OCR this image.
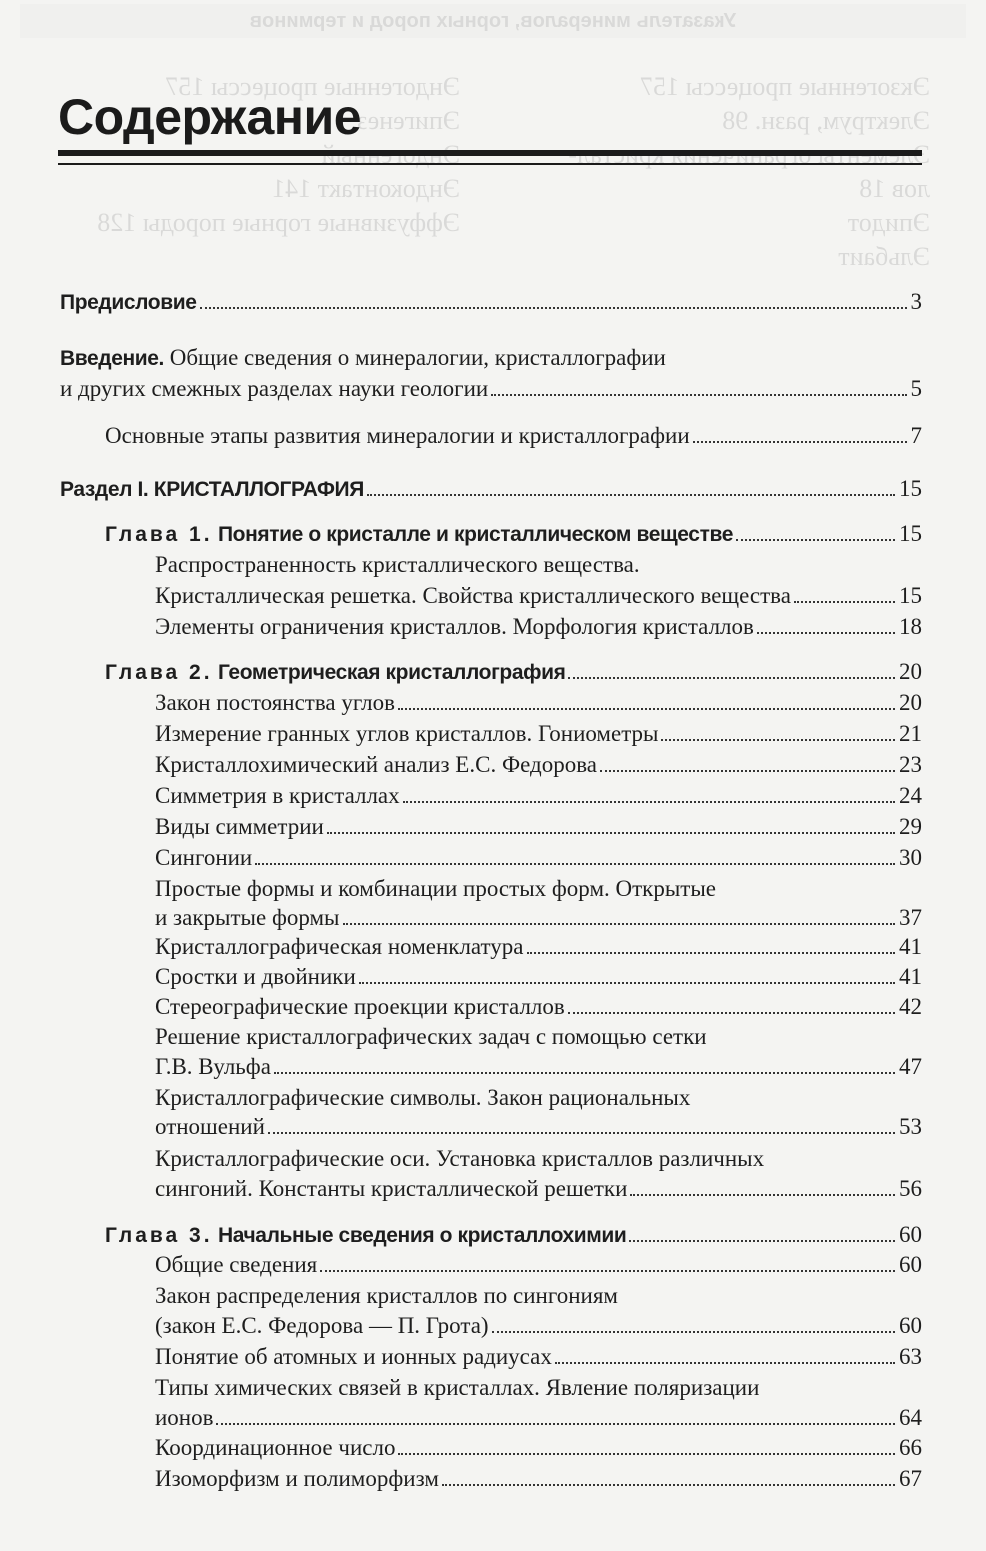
Указатель минералов, горных пород и терминов
Эндогенные процессы 157
Эпигенез

Эндоконтакт 141
Эффузивные горные породы 128

Экзогенные процессы 157
Электрум, разн. 98

лов 18
Эпидот
Эльбаит
Содержание
Предисловие	3
Введение. Общие сведения о минералогии, кристаллографии
и других смежных разделах науки геологии	5
Основные этапы развития минералогии и кристаллографии	7
Раздел I. КРИСТАЛЛОГРАФИЯ	15
Глава 1. Понятие о кристалле и кристаллическом веществе	15
Распространенность кристаллического вещества.
Кристаллическая решетка. Свойства кристаллического вещества	15
Элементы ограничения кристаллов. Морфология кристаллов	18
Глава 2. Геометрическая кристаллография	20
Закон постоянства углов	20
Измерение гранных углов кристаллов. Гониометры	21
Кристаллохимический анализ Е.С. Федорова	23
Симметрия в кристаллах	24
Виды симметрии	29
Сингонии	30
Простые формы и комбинации простых форм. Открытые
и закрытые формы	37
Кристаллографическая номенклатура	41
Сростки и двойники	41
Стереографические проекции кристаллов	42
Решение кристаллографических задач с помощью сетки
Г.В. Вульфа	47
Кристаллографические символы. Закон рациональных
отношений	53
Кристаллографические оси. Установка кристаллов различных
сингоний. Константы кристаллической решетки	56
Глава 3. Начальные сведения о кристаллохимии	60
Общие сведения	60
Закон распределения кристаллов по сингониям
(закон Е.С. Федорова — П. Грота)	60
Понятие об атомных и ионных радиусах	63
Типы химических связей в кристаллах. Явление поляризации
ионов	64
Координационное число	66
Изоморфизм и полиморфизм	67
